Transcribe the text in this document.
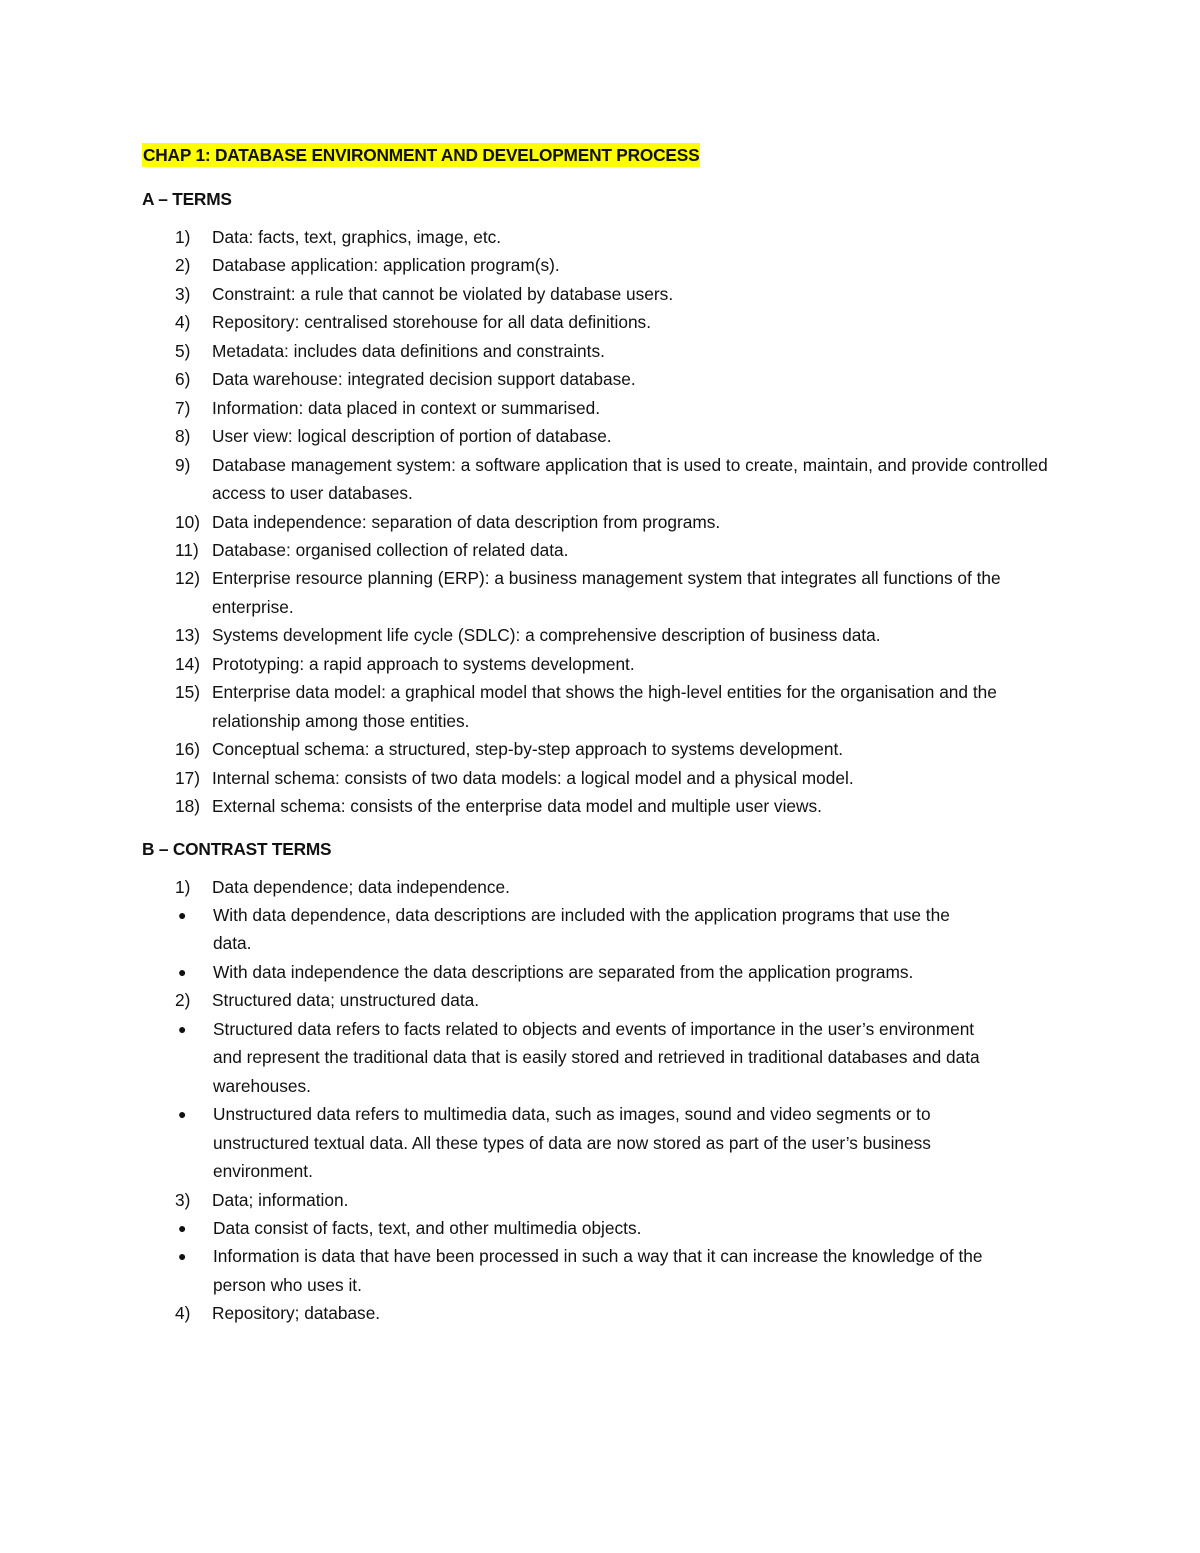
CHAP 1: DATABASE ENVIRONMENT AND DEVELOPMENT PROCESS
A – TERMS
1) Data: facts, text, graphics, image, etc.
2) Database application: application program(s).
3) Constraint: a rule that cannot be violated by database users.
4) Repository: centralised storehouse for all data definitions.
5) Metadata: includes data definitions and constraints.
6) Data warehouse: integrated decision support database.
7) Information: data placed in context or summarised.
8) User view: logical description of portion of database.
9) Database management system: a software application that is used to create, maintain, and provide controlled access to user databases.
10) Data independence: separation of data description from programs.
11) Database: organised collection of related data.
12) Enterprise resource planning (ERP): a business management system that integrates all functions of the enterprise.
13) Systems development life cycle (SDLC): a comprehensive description of business data.
14) Prototyping: a rapid approach to systems development.
15) Enterprise data model: a graphical model that shows the high-level entities for the organisation and the relationship among those entities.
16) Conceptual schema: a structured, step-by-step approach to systems development.
17) Internal schema: consists of two data models: a logical model and a physical model.
18) External schema: consists of the enterprise data model and multiple user views.
B – CONTRAST TERMS
1) Data dependence; data independence.
● With data dependence, data descriptions are included with the application programs that use the data.
● With data independence the data descriptions are separated from the application programs.
2) Structured data; unstructured data.
● Structured data refers to facts related to objects and events of importance in the user’s environment and represent the traditional data that is easily stored and retrieved in traditional databases and data warehouses.
● Unstructured data refers to multimedia data, such as images, sound and video segments or to unstructured textual data. All these types of data are now stored as part of the user’s business environment.
3) Data; information.
● Data consist of facts, text, and other multimedia objects.
● Information is data that have been processed in such a way that it can increase the knowledge of the person who uses it.
4) Repository; database.
